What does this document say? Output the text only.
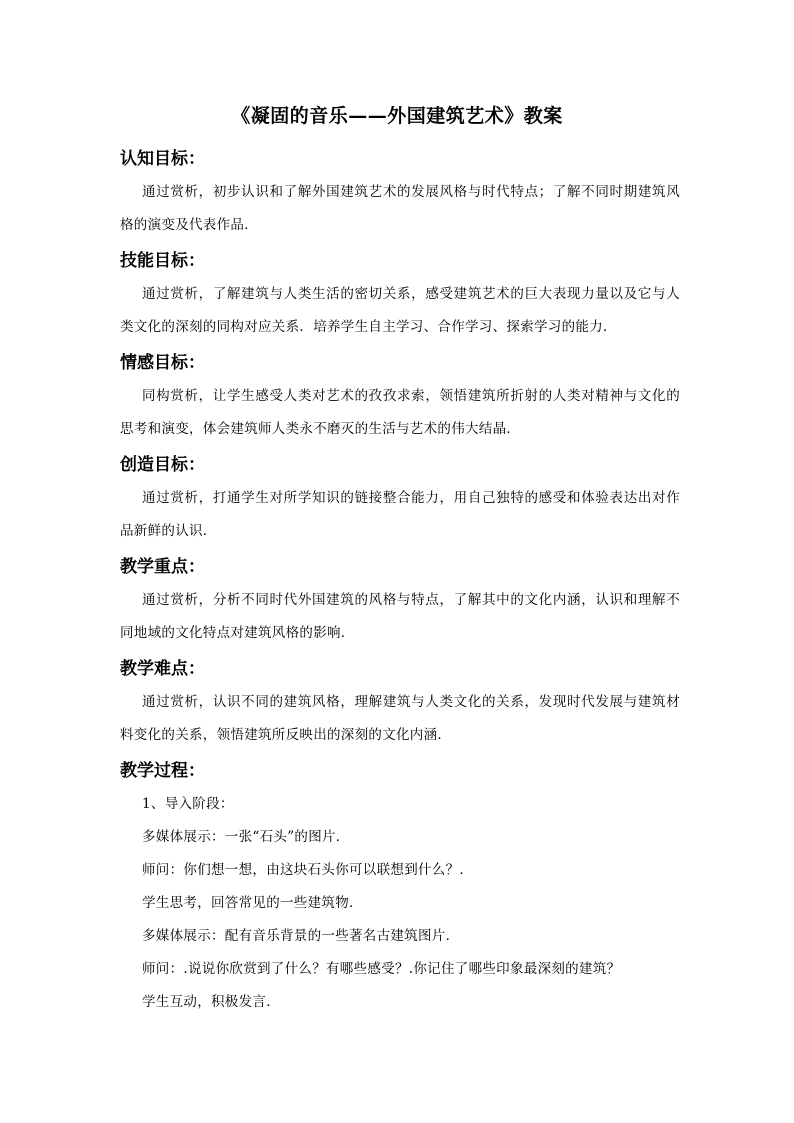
《凝固的音乐——外国建筑艺术》教案

认知目标：

通过赏析，初步认识和了解外国建筑艺术的发展风格与时代特点；了解不同时期建筑风格的演变及代表作品．

技能目标：

通过赏析，了解建筑与人类生活的密切关系，感受建筑艺术的巨大表现力量以及它与人类文化的深刻的同构对应关系．培养学生自主学习、合作学习、探索学习的能力．

情感目标：

同构赏析，让学生感受人类对艺术的孜孜求索，领悟建筑所折射的人类对精神与文化的思考和演变，体会建筑师人类永不磨灭的生活与艺术的伟大结晶．

创造目标：

通过赏析，打通学生对所学知识的链接整合能力，用自己独特的感受和体验表达出对作品新鲜的认识．

教学重点：

通过赏析，分析不同时代外国建筑的风格与特点，了解其中的文化内涵，认识和理解不同地域的文化特点对建筑风格的影响．

教学难点：

通过赏析，认识不同的建筑风格，理解建筑与人类文化的关系，发现时代发展与建筑材料变化的关系，领悟建筑所反映出的深刻的文化内涵．

教学过程：

1、导入阶段：

多媒体展示：一张“石头”的图片．

师问：你们想一想，由这块石头你可以联想到什么？．

学生思考，回答常见的一些建筑物．

多媒体展示：配有音乐背景的一些著名古建筑图片．

师问：.说说你欣赏到了什么？有哪些感受？.你记住了哪些印象最深刻的建筑？

学生互动，积极发言．
